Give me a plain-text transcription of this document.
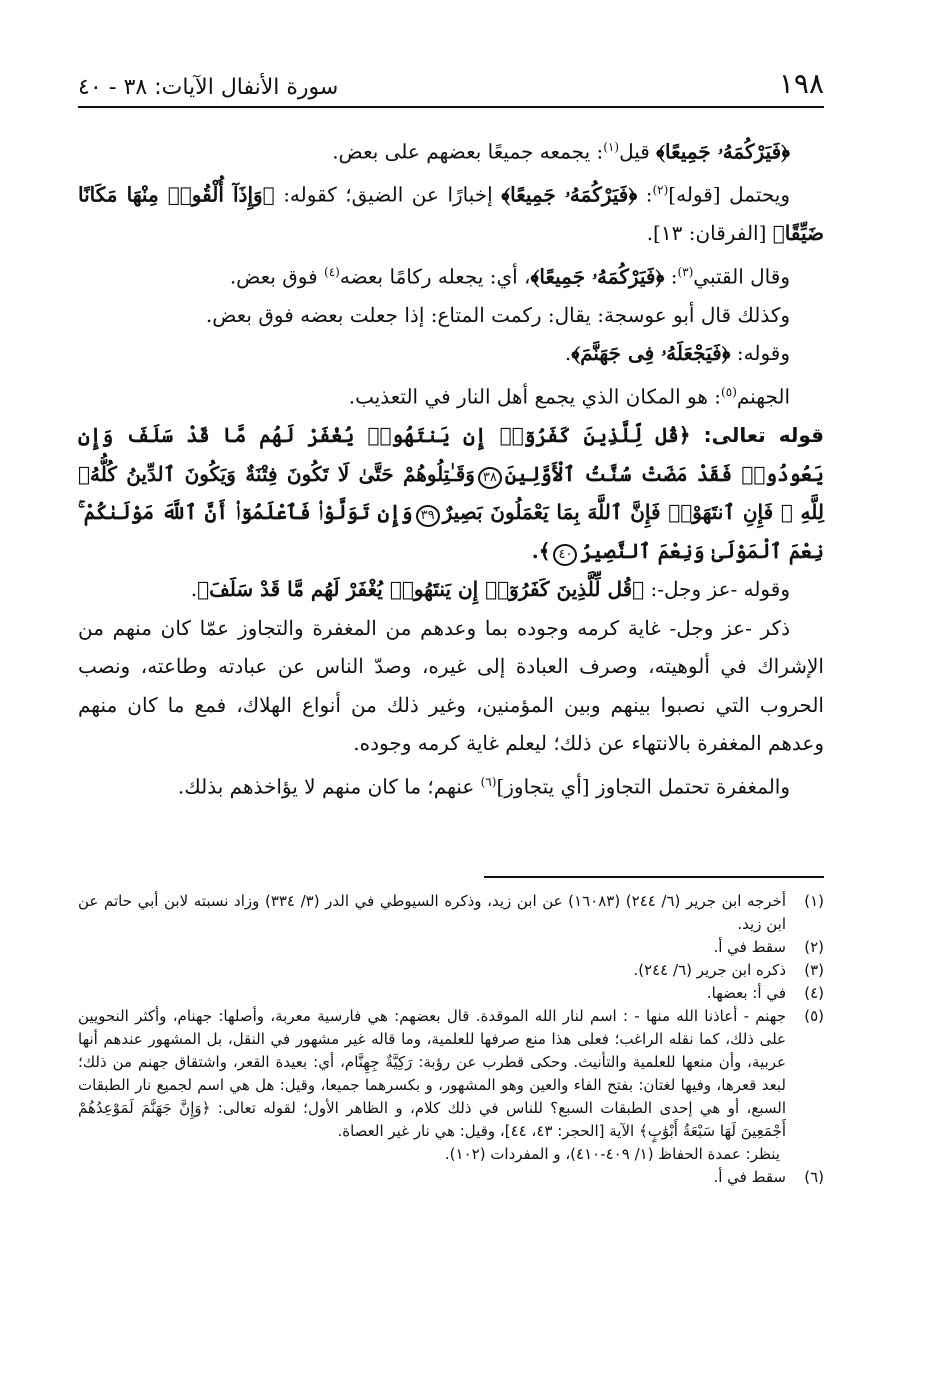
١٩٨
سورة الأنفال الآيات: ٣٨ - ٤٠

﴿فَيَرْكُمَهُۥ جَمِيعًا﴾ قيل$^{(١)}$: يجمعه جميعًا بعضهم على بعض.

ويحتمل [قوله]$^{(٢)}$: ﴿فَيَرْكُمَهُۥ جَمِيعًا﴾ إخبارًا عن الضيق؛ كقوله: ﴿وَإِذَآ أُلْقُوا۟ مِنْهَا مَكَانًا ضَيِّقًا﴾ [الفرقان: ١٣].

وقال القتبي$^{(٣)}$: ﴿فَيَرْكُمَهُۥ جَمِيعًا﴾، أي: يجعله ركامًا بعضه$^{(٤)}$ فوق بعض.

وكذلك قال أبو عوسجة: يقال: ركمت المتاع: إذا جعلت بعضه فوق بعض.

وقوله: ﴿فَيَجْعَلَهُۥ فِى جَهَنَّمَ﴾.

الجهنم$^{(٥)}$: هو المكان الذي يجمع أهل النار في التعذيب.

قوله تعالى: ﴿قُل لِّلَّذِينَ كَفَرُوٓا۟ إِن يَنتَهُوا۟ يُغْفَرْ لَهُم مَّا قَدْ سَلَفَ وَإِن يَعُودُوا۟ فَقَدْ مَضَتْ سُنَّتُ ٱلْأَوَّلِينَ٣٨وَقَـٰتِلُوهُمْ حَتَّىٰ لَا تَكُونَ فِتْنَةٌ وَيَكُونَ ٱلدِّينُ كُلُّهُۥ لِلَّهِ ۚ فَإِنِ ٱنتَهَوْا۟ فَإِنَّ ٱللَّهَ بِمَا يَعْمَلُونَ بَصِيرٌ٣٩وَإِن تَوَلَّوْا۟ فَٱعْلَمُوٓا۟ أَنَّ ٱللَّهَ مَوْلَىٰكُمْ ۚ نِعْمَ ٱلْمَوْلَىٰ وَنِعْمَ ٱلنَّصِيرُ٤٠﴾.

وقوله -عز وجل-: ﴿قُل لِّلَّذِينَ كَفَرُوٓا۟ إِن يَنتَهُوا۟ يُغْفَرْ لَهُم مَّا قَدْ سَلَفَ﴾.

ذكر -عز وجل- غاية كرمه وجوده بما وعدهم من المغفرة والتجاوز عمّا كان منهم من الإشراك في ألوهيته، وصرف العبادة إلى غيره، وصدّ الناس عن عبادته وطاعته، ونصب الحروب التي نصبوا بينهم وبين المؤمنين، وغير ذلك من أنواع الهلاك، فمع ما كان منهم وعدهم المغفرة بالانتهاء عن ذلك؛ ليعلم غاية كرمه وجوده.

والمغفرة تحتمل التجاوز [أي يتجاوز]$^{(٦)}$ عنهم؛ ما كان منهم لا يؤاخذهم بذلك.

(١)
أخرجه ابن جرير (٦/ ٢٤٤) (١٦٠٨٣) عن ابن زيد، وذكره السيوطي في الدر (٣/ ٣٣٤) وزاد نسبته لابن أبي حاتم عن ابن زيد.

(٢)
سقط في أ.

(٣)
ذكره ابن جرير (٦/ ٢٤٤).

(٤)
في أ: بعضها.

(٥)
جهنم - أعاذنا الله منها - : اسم لنار الله الموقدة. قال بعضهم: هي فارسية معربة، وأصلها: جهنام، وأكثر النحويين على ذلك، كما نقله الراغب؛ فعلى هذا منع صرفها للعلمية، وما قاله غير مشهور في النقل، بل المشهور عندهم أنها عربية، وأن منعها للعلمية والتأنيث. وحكى قطرب عن رؤبة: رَكِيَّةٌ جِهِنَّام، أي: بعيدة القعر، واشتقاق جهنم من ذلك؛ لبعد قعرها، وفيها لغتان: بفتح الفاء والعين وهو المشهور، و بكسرهما جميعا، وقيل: هل هي اسم لجميع نار الطبقات السبع، أو هي إحدى الطبقات السبع؟ للناس في ذلك كلام، و الظاهر الأول؛ لقوله تعالى: ﴿وَإِنَّ جَهَنَّمَ لَمَوْعِدُهُمْ أَجْمَعِينَ لَهَا سَبْعَةُ أَبْوَٰبٍ﴾ الآية [الحجر: ٤٣، ٤٤]، وقيل: هي نار غير العصاة.

ينظر: عمدة الحفاظ (١/ ٤٠٩-٤١٠)، و المفردات (١٠٢).

(٦)
سقط في أ.
